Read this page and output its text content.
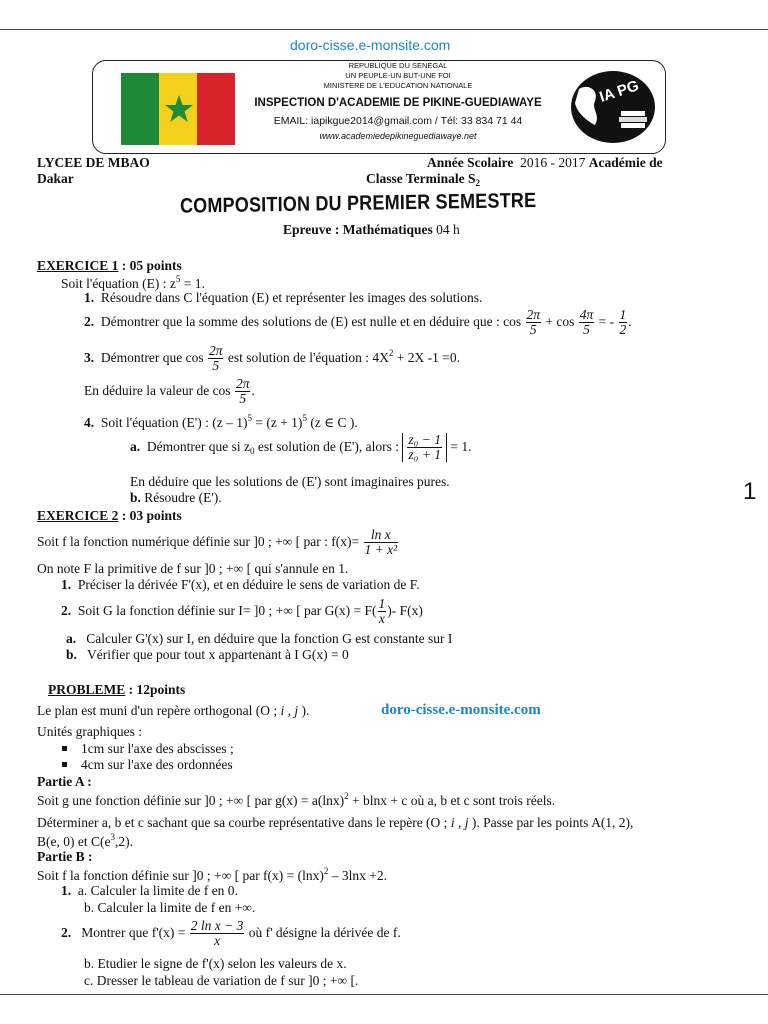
doro-cisse.e-monsite.com
REPUBLIQUE DU SENEGAL
UN PEUPLE-UN BUT-UNE FOI
MINISTERE DE L'EDUCATION NATIONALE
INSPECTION D'ACADEMIE DE PIKINE-GUEDIAWAYE
EMAIL: iapikgue2014@gmail.com / Tél: 33 834 71 44
www.academiedepikineguediawaye.net
IA PG
LYCEE DE MBAO	Année Scolaire 2016 - 2017 Académie de
Dakar	Classe Terminale $S_2$
COMPOSITION DU PREMIER SEMESTRE
Epreuve : Mathématiques 04 h
EXERCICE 1 : 05 points
Soit l'équation (E) : $z^5 = 1$.
1. Résoudre dans C l'équation (E) et représenter les images des solutions.
2. Démontrer que la somme des solutions de (E) est nulle et en déduire que : $\cos \frac{2\pi}{5} + \cos \frac{4\pi}{5}$ = - $\frac{1}{2}$ .
3. Démontrer que $\cos \frac{2\pi}{5}$ est solution de l'équation : $4X^2 + 2X$ -1 =0.
En déduire la valeur de $\cos \frac{2\pi}{5}$ .
4. Soit l'équation (E') : $(z - 1)^5 = (z + 1)^5$ (z ∈ C ).
a. Démontrer que si $z_0$ est solution de (E'), alors : $\frac{\text{z₀ − 1}}{\text{z₀ + 1}} = 1$.
En déduire que les solutions de (E') sont imaginaires pures.
b. Résoudre (E').	1
EXERCICE 2 : 03 points
Soit f la fonction numérique définie sur ]0 ; +∞ [ par : $f(x)= \frac{\text{ln x}}{\text{1 + x²}}$
On note F la primitive de f sur ]0 ; +∞ [ qui s'annule en 1.
1. Préciser la dérivée F'(x), et en déduire le sens de variation de F.
2. Soit G la fonction définie sur I= ]0 ; +∞ [ par $G(x) = F( \frac{1}{x}$ )- F(x)
a. Calculer G'(x) sur I, en déduire que la fonction G est constante sur I
b. Vérifier que pour tout x appartenant à I G(x) = 0
PROBLEME : 12points
Le plan est muni d'un repère orthogonal (O ; i , j ).	doro-cisse.e-monsite.com
Unités graphiques :
1cm sur l'axe des abscisses ;
4cm sur l'axe des ordonnées
Partie A :
Soit g une fonction définie sur ]0 ; +∞ [ par $g(x) = a(\ln x)^2 + blnx + c$ où a, b et c sont trois réels.
Déterminer a, b et c sachant que sa courbe représentative dans le repère (O ; i , j ). Passe par les points A(1, 2),
B(e, 0) et $C(e^3,2)$.
Partie B :
Soit f la fonction définie sur ]0 ; +∞ [ par $f(x) = (\ln x)^2 - 3\ln x +2$.
1. a. Calculer la limite de f en 0.
b. Calculer la limite de f en +∞.
2. Montrer que $f'(x) = \frac{\text{2 ln x − 3}}{x}$ où f' désigne la dérivée de f.
b. Etudier le signe de f'(x) selon les valeurs de x.
c. Dresser le tableau de variation de f sur ]0 ; +∞ [.
